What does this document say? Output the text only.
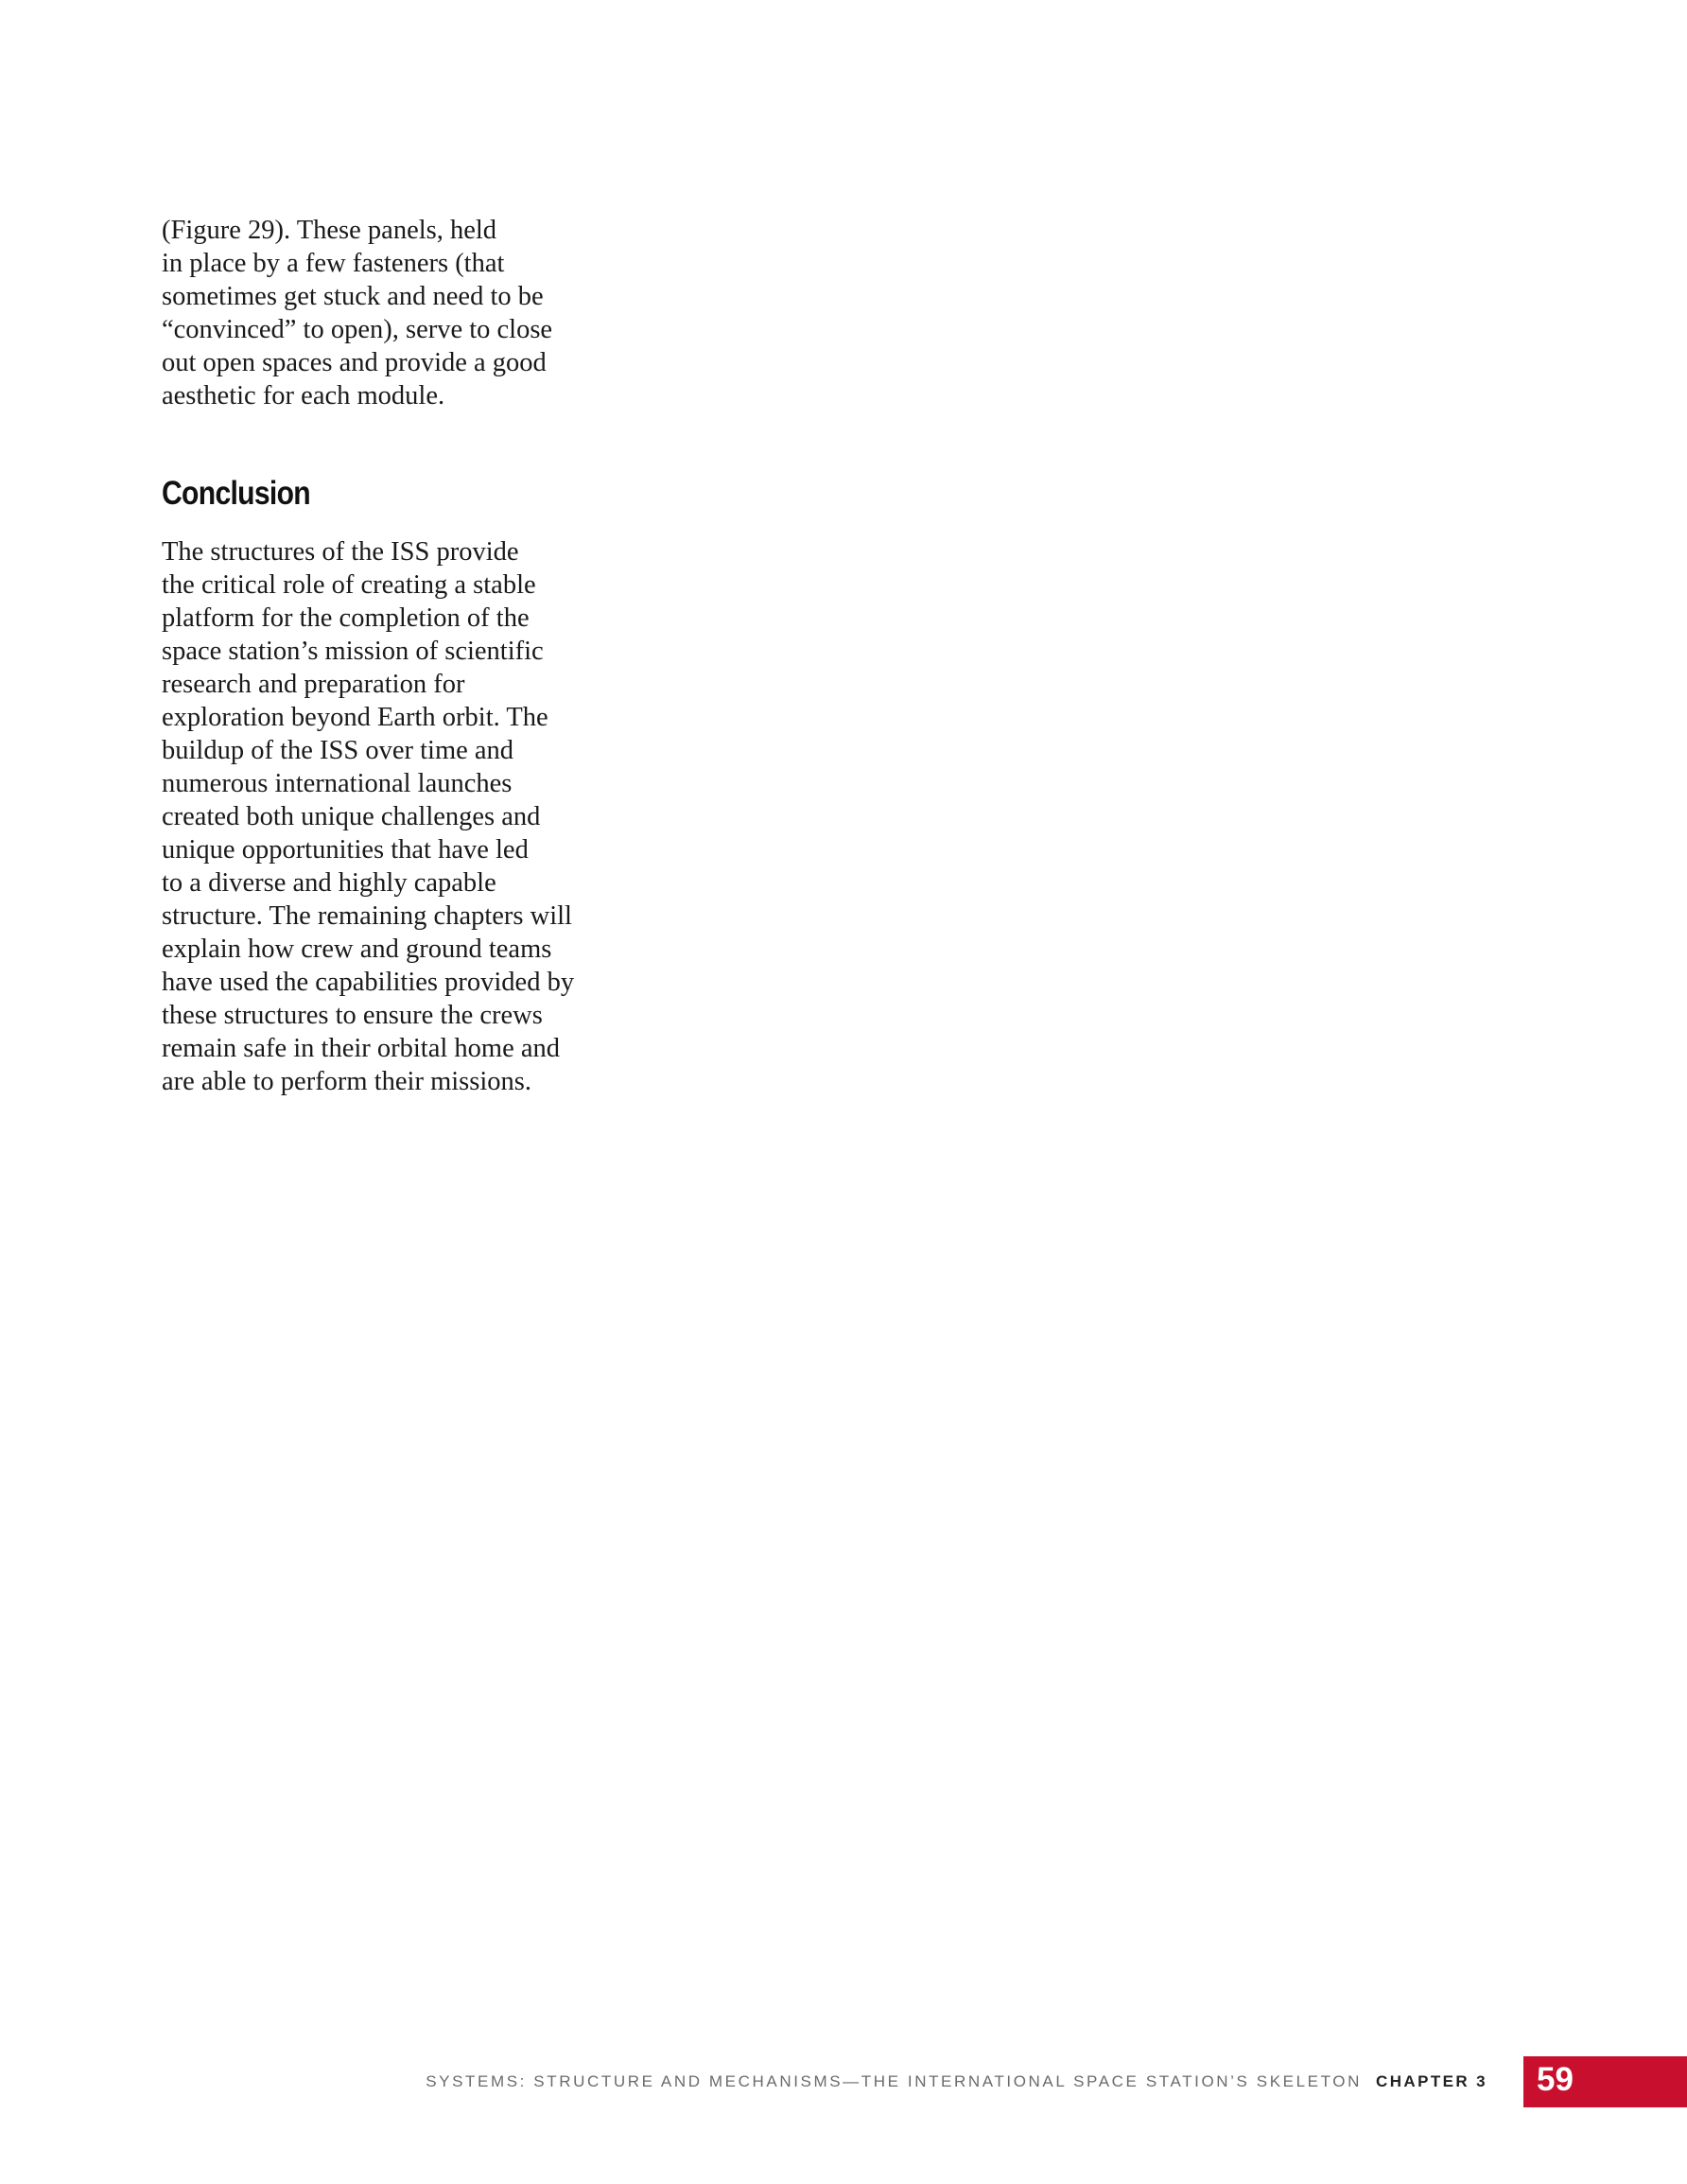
(Figure 29). These panels, held
in place by a few fasteners (that
sometimes get stuck and need to be
“convinced” to open), serve to close
out open spaces and provide a good
aesthetic for each module.

Conclusion

The structures of the ISS provide
the critical role of creating a stable
platform for the completion of the
space station’s mission of scientific
research and preparation for
exploration beyond Earth orbit. The
buildup of the ISS over time and
numerous international launches
created both unique challenges and
unique opportunities that have led
to a diverse and highly capable
structure. The remaining chapters will
explain how crew and ground teams
have used the capabilities provided by
these structures to ensure the crews
remain safe in their orbital home and
are able to perform their missions.

SYSTEMS: STRUCTURE AND MECHANISMS—THE INTERNATIONAL SPACE STATION’S SKELETON CHAPTER 3 59
